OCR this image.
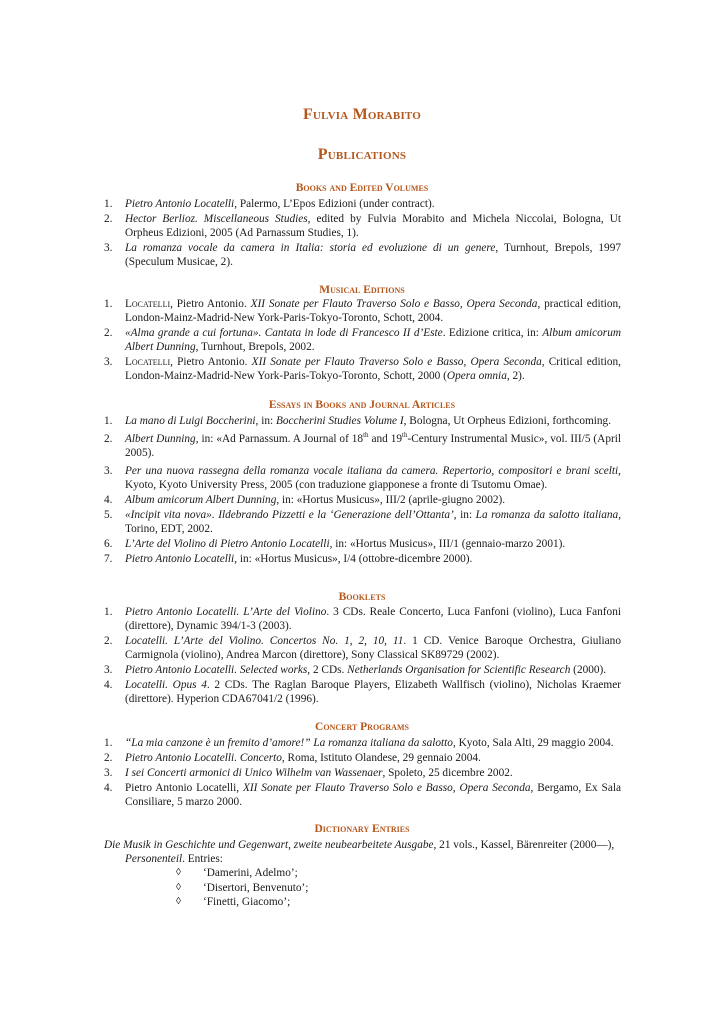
Fulvia Morabito
Publications
Books and Edited Volumes
1. Pietro Antonio Locatelli, Palermo, L’Epos Edizioni (under contract).
2. Hector Berlioz. Miscellaneous Studies, edited by Fulvia Morabito and Michela Niccolai, Bologna, Ut Orpheus Edizioni, 2005 (Ad Parnassum Studies, 1).
3. La romanza vocale da camera in Italia: storia ed evoluzione di un genere, Turnhout, Brepols, 1997 (Speculum Musicae, 2).
Musical Editions
1. Locatelli, Pietro Antonio. XII Sonate per Flauto Traverso Solo e Basso, Opera Seconda, practical edition, London-Mainz-Madrid-New York-Paris-Tokyo-Toronto, Schott, 2004.
2. «Alma grande a cui fortuna». Cantata in lode di Francesco II d’Este. Edizione critica, in: Album amicorum Albert Dunning, Turnhout, Brepols, 2002.
3. Locatelli, Pietro Antonio. XII Sonate per Flauto Traverso Solo e Basso, Opera Seconda, Critical edition, London-Mainz-Madrid-New York-Paris-Tokyo-Toronto, Schott, 2000 (Opera omnia, 2).
Essays in Books and Journal Articles
1. La mano di Luigi Boccherini, in: Boccherini Studies Volume I, Bologna, Ut Orpheus Edizioni, forthcoming.
2. Albert Dunning, in: «Ad Parnassum. A Journal of 18th and 19th-Century Instrumental Music», vol. III/5 (April 2005).
3. Per una nuova rassegna della romanza vocale italiana da camera. Repertorio, compositori e brani scelti, Kyoto, Kyoto University Press, 2005 (con traduzione giapponese a fronte di Tsutomu Omae).
4. Album amicorum Albert Dunning, in: «Hortus Musicus», III/2 (aprile-giugno 2002).
5. «Incipit vita nova». Ildebrando Pizzetti e la ‘Generazione dell’Ottanta’, in: La romanza da salotto italiana, Torino, EDT, 2002.
6. L’Arte del Violino di Pietro Antonio Locatelli, in: «Hortus Musicus», III/1 (gennaio-marzo 2001).
7. Pietro Antonio Locatelli, in: «Hortus Musicus», I/4 (ottobre-dicembre 2000).
Booklets
1. Pietro Antonio Locatelli. L’Arte del Violino. 3 CDs. Reale Concerto, Luca Fanfoni (violino), Luca Fanfoni (direttore), Dynamic 394/1-3 (2003).
2. Locatelli. L’Arte del Violino. Concertos No. 1, 2, 10, 11. 1 CD. Venice Baroque Orchestra, Giuliano Carmignola (violino), Andrea Marcon (direttore), Sony Classical SK89729 (2002).
3. Pietro Antonio Locatelli. Selected works, 2 CDs. Netherlands Organisation for Scientific Research (2000).
4. Locatelli. Opus 4. 2 CDs. The Raglan Baroque Players, Elizabeth Wallfisch (violino), Nicholas Kraemer (direttore). Hyperion CDA67041/2 (1996).
Concert Programs
1. “La mia canzone è un fremito d’amore!” La romanza italiana da salotto, Kyoto, Sala Alti, 29 maggio 2004.
2. Pietro Antonio Locatelli. Concerto, Roma, Istituto Olandese, 29 gennaio 2004.
3. I sei Concerti armonici di Unico Wilhelm van Wassenaer, Spoleto, 25 dicembre 2002.
4. Pietro Antonio Locatelli, XII Sonate per Flauto Traverso Solo e Basso, Opera Seconda, Bergamo, Ex Sala Consiliare, 5 marzo 2000.
Dictionary Entries
Die Musik in Geschichte und Gegenwart, zweite neubearbeitete Ausgabe, 21 vols., Kassel, Bärenreiter (2000—),
Personenteil. Entries:
◊ ‘Damerini, Adelmo’;
◊ ‘Disertori, Benvenuto’;
◊ ‘Finetti, Giacomo’;
